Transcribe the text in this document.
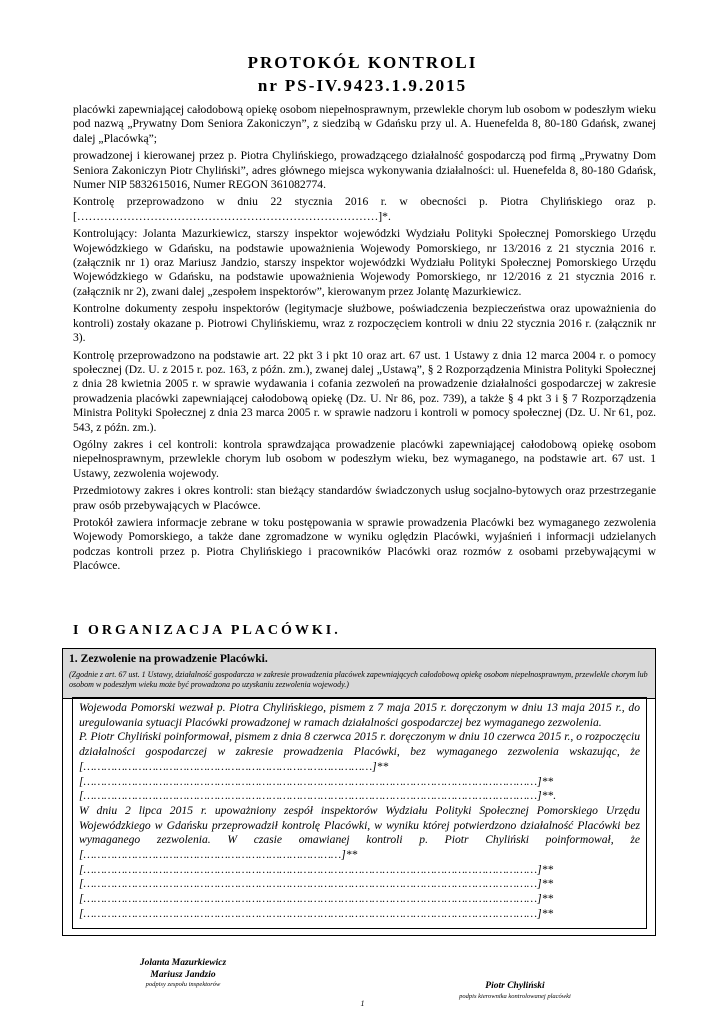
PROTOKÓŁ KONTROLI
nr PS-IV.9423.1.9.2015

placówki zapewniającej całodobową opiekę osobom niepełnosprawnym, przewlekle chorym lub osobom w podeszłym wieku pod nazwą „Prywatny Dom Seniora Zakoniczyn”, z siedzibą w Gdańsku przy ul. A. Huenefelda 8, 80-180 Gdańsk, zwanej dalej „Placówką”;

prowadzonej i kierowanej przez p. Piotra Chylińskiego, prowadzącego działalność gospodarczą pod firmą „Prywatny Dom Seniora Zakoniczyn Piotr Chyliński”, adres głównego miejsca wykonywania działalności: ul. Huenefelda 8, 80-180 Gdańsk, Numer NIP 5832615016, Numer REGON 361082774.

Kontrolę przeprowadzono w dniu 22 stycznia 2016 r. w obecności p. Piotra Chylińskiego oraz p. [……………………………………………………………………]*.

Kontrolujący: Jolanta Mazurkiewicz, starszy inspektor wojewódzki Wydziału Polityki Społecznej Pomorskiego Urzędu Wojewódzkiego w Gdańsku, na podstawie upoważnienia Wojewody Pomorskiego, nr 13/2016 z 21 stycznia 2016 r. (załącznik nr 1) oraz Mariusz Jandzio, starszy inspektor wojewódzki Wydziału Polityki Społecznej Pomorskiego Urzędu Wojewódzkiego w Gdańsku, na podstawie upoważnienia Wojewody Pomorskiego, nr 12/2016 z 21 stycznia 2016 r. (załącznik nr 2), zwani dalej „zespołem inspektorów”, kierowanym przez Jolantę Mazurkiewicz.

Kontrolne dokumenty zespołu inspektorów (legitymacje służbowe, poświadczenia bezpieczeństwa oraz upoważnienia do kontroli) zostały okazane p. Piotrowi Chylińskiemu, wraz z rozpoczęciem kontroli w dniu 22 stycznia 2016 r. (załącznik nr 3).

Kontrolę przeprowadzono na podstawie art. 22 pkt 3 i pkt 10 oraz art. 67 ust. 1 Ustawy z dnia 12 marca 2004 r. o pomocy społecznej (Dz. U. z 2015 r. poz. 163, z późn. zm.), zwanej dalej „Ustawą”, § 2 Rozporządzenia Ministra Polityki Społecznej z dnia 28 kwietnia 2005 r. w sprawie wydawania i cofania zezwoleń na prowadzenie działalności gospodarczej w zakresie prowadzenia placówki zapewniającej całodobową opiekę (Dz. U. Nr 86, poz. 739), a także § 4 pkt 3 i § 7 Rozporządzenia Ministra Polityki Społecznej z dnia 23 marca 2005 r. w sprawie nadzoru i kontroli w pomocy społecznej (Dz. U. Nr 61, poz. 543, z późn. zm.).

Ogólny zakres i cel kontroli: kontrola sprawdzająca prowadzenie placówki zapewniającej całodobową opiekę osobom niepełnosprawnym, przewlekle chorym lub osobom w podeszłym wieku, bez wymaganego, na podstawie art. 67 ust. 1 Ustawy, zezwolenia wojewody.

Przedmiotowy zakres i okres kontroli: stan bieżący standardów świadczonych usług socjalno-bytowych oraz przestrzeganie praw osób przebywających w Placówce.

Protokół zawiera informacje zebrane w toku postępowania w sprawie prowadzenia Placówki bez wymaganego zezwolenia Wojewody Pomorskiego, a także dane zgromadzone w wyniku oględzin Placówki, wyjaśnień i informacji udzielanych podczas kontroli przez p. Piotra Chylińskiego i pracowników Placówki oraz rozmów z osobami przebywającymi w Placówce.

I ORGANIZACJA PLACÓWKI.
1. Zezwolenie na prowadzenie Placówki.
(Zgodnie z art. 67 ust. 1 Ustawy, działalność gospodarcza w zakresie prowadzenia placówek zapewniających całodobową opiekę osobom niepełnosprawnym, przewlekle chorym lub osobom w podeszłym wieku może być prowadzona po uzyskaniu zezwolenia wojewody.)

Wojewoda Pomorski wezwał p. Piotra Chylińskiego, pismem z 7 maja 2015 r. doręczonym w dniu 13 maja 2015 r., do uregulowania sytuacji Placówki prowadzonej w ramach działalności gospodarczej bez wymaganego zezwolenia.

P. Piotr Chyliński poinformował, pismem z dnia 8 czerwca 2015 r. doręczonym w dniu 10 czerwca 2015 r., o rozpoczęciu działalności gospodarczej w zakresie prowadzenia Placówki, bez wymaganego zezwolenia wskazując, że […………………………………………………………………………]**

[……………………………………………………………………………………………………………………]**

[……………………………………………………………………………………………………………………]**.

W dniu 2 lipca 2015 r. upoważniony zespół inspektorów Wydziału Polityki Społecznej Pomorskiego Urzędu Wojewódzkiego w Gdańsku przeprowadził kontrolę Placówki, w wyniku której potwierdzono działalność Placówki bez wymaganego zezwolenia. W czasie omawianej kontroli p. Piotr Chyliński poinformował, że […………………………………………………………………]**

[……………………………………………………………………………………………………………………]**

[……………………………………………………………………………………………………………………]**

[……………………………………………………………………………………………………………………]**

[……………………………………………………………………………………………………………………]**

Jolanta Mazurkiewicz
Mariusz Jandzio
podpisy zespołu inspektorów	Piotr Chyliński
podpis kierownika kontrolowanej placówki
1
